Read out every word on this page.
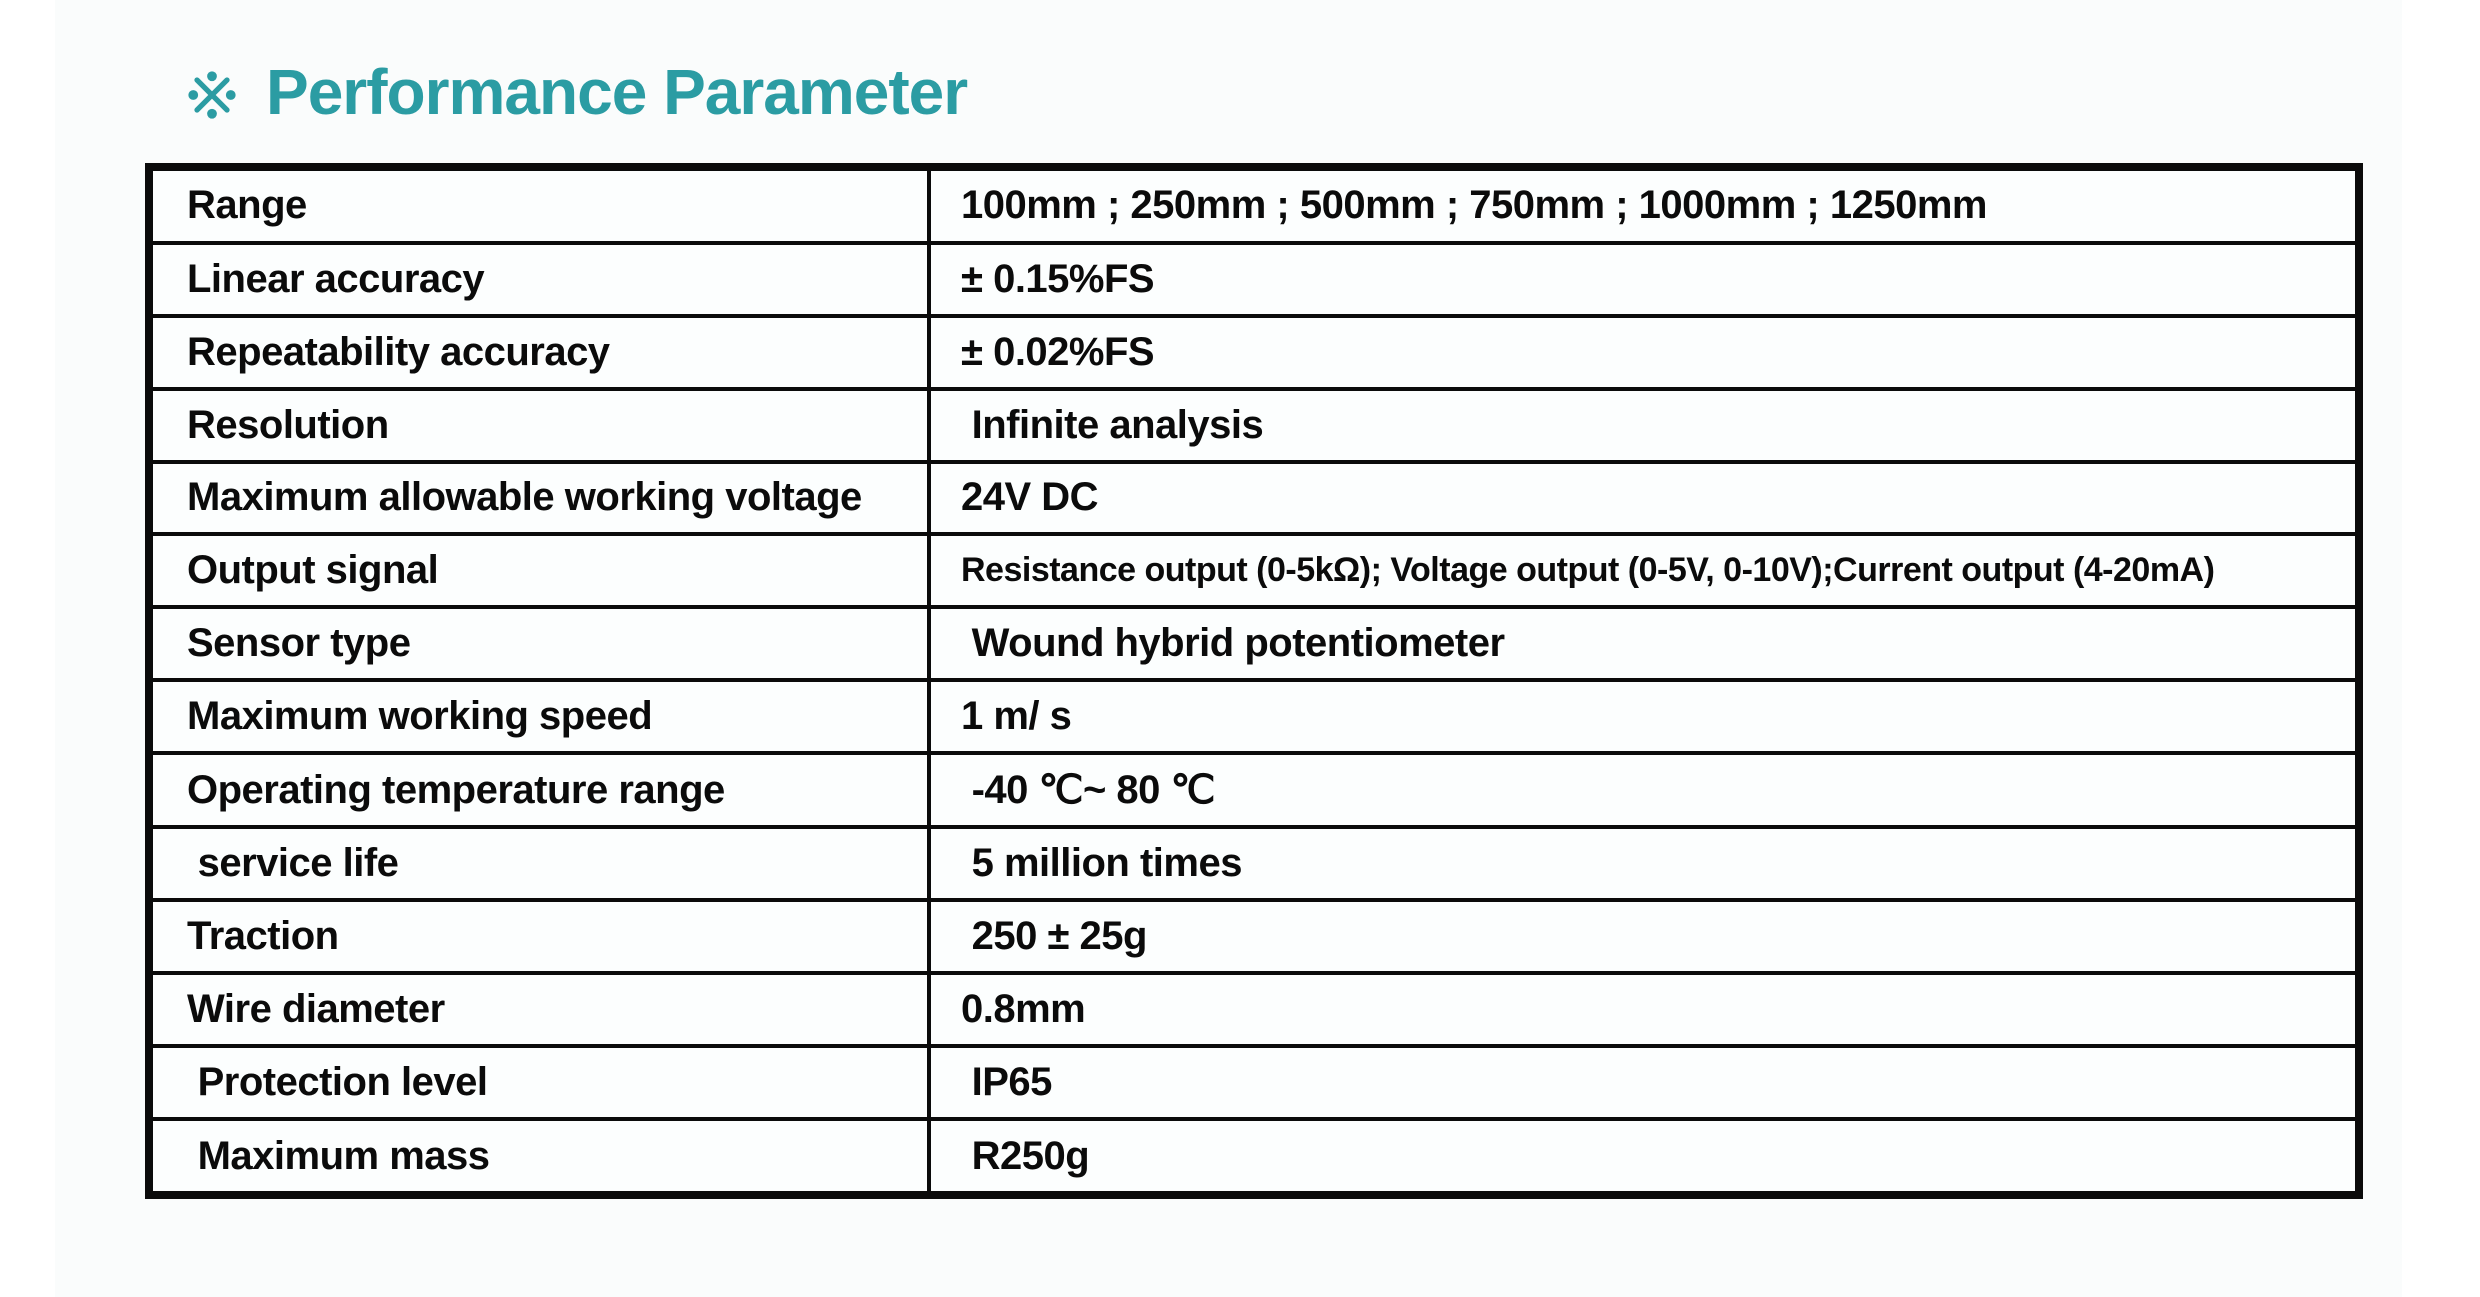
Performance Parameter
Range	100mm ; 250mm ; 500mm ; 750mm ; 1000mm ; 1250mm
Linear accuracy	± 0.15%FS
Repeatability accuracy	± 0.02%FS
Resolution	Infinite analysis
Maximum allowable working voltage	24V DC
Output signal	Resistance output (0-5kΩ); Voltage output (0-5V, 0-10V);Current output (4-20mA)
Sensor type	Wound hybrid potentiometer
Maximum working speed	1 m/ s
Operating temperature range	-40 ℃~ 80 ℃
service life	5 million times
Traction	250 ± 25g
Wire diameter	0.8mm
Protection level	IP65
Maximum mass	R250g
